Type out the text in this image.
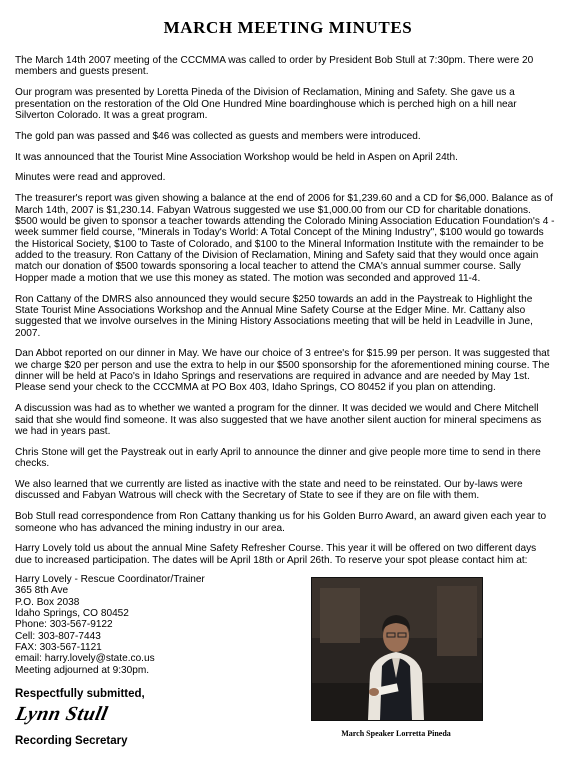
MARCH MEETING MINUTES

The March 14th 2007 meeting of the CCCMMA was called to order by President Bob Stull at 7:30pm. There were 20 members and guests present.

Our program was presented by Loretta Pineda of the Division of Reclamation, Mining and Safety. She gave us a presentation on the restoration of the Old One Hundred Mine boardinghouse which is perched high on a hill near Silverton Colorado. It was a great program.

The gold pan was passed and $46 was collected as guests and members were introduced.

It was announced that the Tourist Mine Association Workshop would be held in Aspen on April 24th.

Minutes were read and approved.

The treasurer's report was given showing a balance at the end of 2006 for $1,239.60 and a CD for $6,000. Balance as of March 14th, 2007 is $1,230.14. Fabyan Watrous suggested we use $1,000.00 from our CD for charitable donations. $500 would be given to sponsor a teacher towards attending the Colorado Mining Association Education Foundation's 4 - week summer field course, "Minerals in Today's World: A Total Concept of the Mining Industry", $100 would go towards the Historical Society, $100 to Taste of Colorado, and $100 to the Mineral Information Institute with the remainder to be added to the treasury. Ron Cattany of the Division of Reclamation, Mining and Safety said that they would once again match our donation of $500 towards sponsoring a local teacher to attend the CMA's annual summer course. Sally Hopper made a motion that we use this money as stated. The motion was seconded and approved 11-4.

Ron Cattany of the DMRS also announced they would secure $250 towards an add in the Paystreak to Highlight the State Tourist Mine Associations Workshop and the Annual Mine Safety Course at the Edger Mine. Mr. Cattany also suggested that we involve ourselves in the Mining History Associations meeting that will be held in Leadville in June, 2007.

Dan Abbot reported on our dinner in May. We have our choice of 3 entree's for $15.99 per person. It was suggested that we charge $20 per person and use the extra to help in our $500 sponsorship for the aforementioned mining course. The dinner will be held at Paco's in Idaho Springs and reservations are required in advance and are needed by May 1st. Please send your check to the CCCMMA at PO Box 403, Idaho Springs, CO 80452 if you plan on attending.

A discussion was had as to whether we wanted a program for the dinner. It was decided we would and Chere Mitchell said that she would find someone. It was also suggested that we have another silent auction for mineral specimens as we had in years past.

Chris Stone will get the Paystreak out in early April to announce the dinner and give people more time to send in there checks.

We also learned that we currently are listed as inactive with the state and need to be reinstated. Our by-laws were discussed and Fabyan Watrous will check with the Secretary of State to see if they are on file with them.

Bob Stull read correspondence from Ron Cattany thanking us for his Golden Burro Award, an award given each year to someone who has advanced the mining industry in our area.

Harry Lovely told us about the annual Mine Safety Refresher Course. This year it will be offered on two different days due to increased participation. The dates will be April 18th or April 26th. To reserve your spot please contact him at:

Harry Lovely - Rescue Coordinator/Trainer
365 8th Ave
P.O. Box 2038
Idaho Springs, CO 80452
Phone: 303-567-9122
Cell: 303-807-7443
FAX: 303-567-1121
email: harry.lovely@state.co.us
Meeting adjourned at 9:30pm.
Respectfully submitted,
Lynn Stull
Recording Secretary
March Speaker Lorretta Pineda
